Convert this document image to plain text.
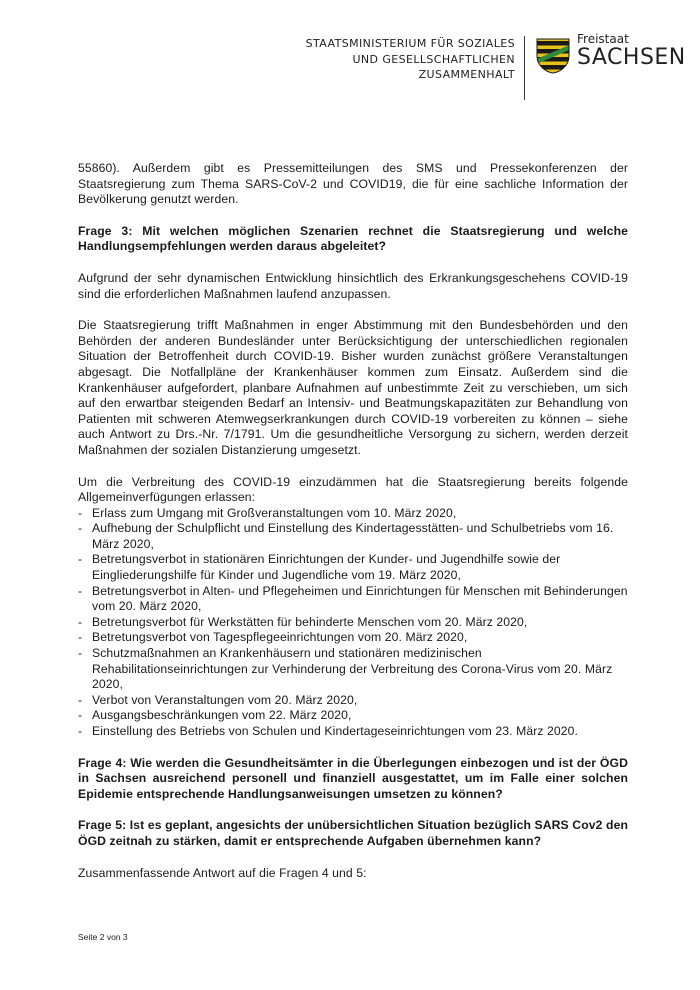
STAATSMINISTERIUM FÜR SOZIALES
UND GESELLSCHAFTLICHEN
ZUSAMMENHALT
Freistaat
SACHSEN

55860). Außerdem gibt es Pressemitteilungen des SMS und Pressekonferenzen der Staatsregierung zum Thema SARS-CoV-2 und COVID19, die für eine sachliche Information der Bevölkerung genutzt werden.

Frage 3: Mit welchen möglichen Szenarien rechnet die Staatsregierung und welche Handlungsempfehlungen werden daraus abgeleitet?

Aufgrund der sehr dynamischen Entwicklung hinsichtlich des Erkrankungsgeschehens COVID-19 sind die erforderlichen Maßnahmen laufend anzupassen.

Die Staatsregierung trifft Maßnahmen in enger Abstimmung mit den Bundesbehörden und den Behörden der anderen Bundesländer unter Berücksichtigung der unterschiedlichen regionalen Situation der Betroffenheit durch COVID-19. Bisher wurden zunächst größere Veranstaltungen abgesagt. Die Notfallpläne der Krankenhäuser kommen zum Einsatz. Außerdem sind die Krankenhäuser aufgefordert, planbare Aufnahmen auf unbestimmte Zeit zu verschieben, um sich auf den erwartbar steigenden Bedarf an Intensiv- und Beatmungskapazitäten zur Behandlung von Patienten mit schweren Atemwegserkrankungen durch COVID-19 vorbereiten zu können – siehe auch Antwort zu Drs.-Nr. 7/1791. Um die gesundheitliche Versorgung zu sichern, werden derzeit Maßnahmen der sozialen Distanzierung umgesetzt.

Um die Verbreitung des COVID-19 einzudämmen hat die Staatsregierung bereits folgende Allgemeinverfügungen erlassen:

- Erlass zum Umgang mit Großveranstaltungen vom 10. März 2020,
- Aufhebung der Schulpflicht und Einstellung des Kindertagesstätten- und Schulbetriebs vom 16. März 2020,
- Betretungsverbot in stationären Einrichtungen der Kunder- und Jugendhilfe sowie der Eingliederungshilfe für Kinder und Jugendliche vom 19. März 2020,
- Betretungsverbot in Alten- und Pflegeheimen und Einrichtungen für Menschen mit Behinderungen vom 20. März 2020,
- Betretungsverbot für Werkstätten für behinderte Menschen vom 20. März 2020,
- Betretungsverbot von Tagespflegeeinrichtungen vom 20. März 2020,
- Schutzmaßnahmen an Krankenhäusern und stationären medizinischen Rehabilitationseinrichtungen zur Verhinderung der Verbreitung des Corona-Virus vom 20. März 2020,
- Verbot von Veranstaltungen vom 20. März 2020,
- Ausgangsbeschränkungen vom 22. März 2020,
- Einstellung des Betriebs von Schulen und Kindertageseinrichtungen vom 23. März 2020.

Frage 4: Wie werden die Gesundheitsämter in die Überlegungen einbezogen und ist der ÖGD in Sachsen ausreichend personell und finanziell ausgestattet, um im Falle einer solchen Epidemie entsprechende Handlungsanweisungen umsetzen zu können?

Frage 5: Ist es geplant, angesichts der unübersichtlichen Situation bezüglich SARS Cov2 den ÖGD zeitnah zu stärken, damit er entsprechende Aufgaben übernehmen kann?

Zusammenfassende Antwort auf die Fragen 4 und 5:

Seite 2 von 3
